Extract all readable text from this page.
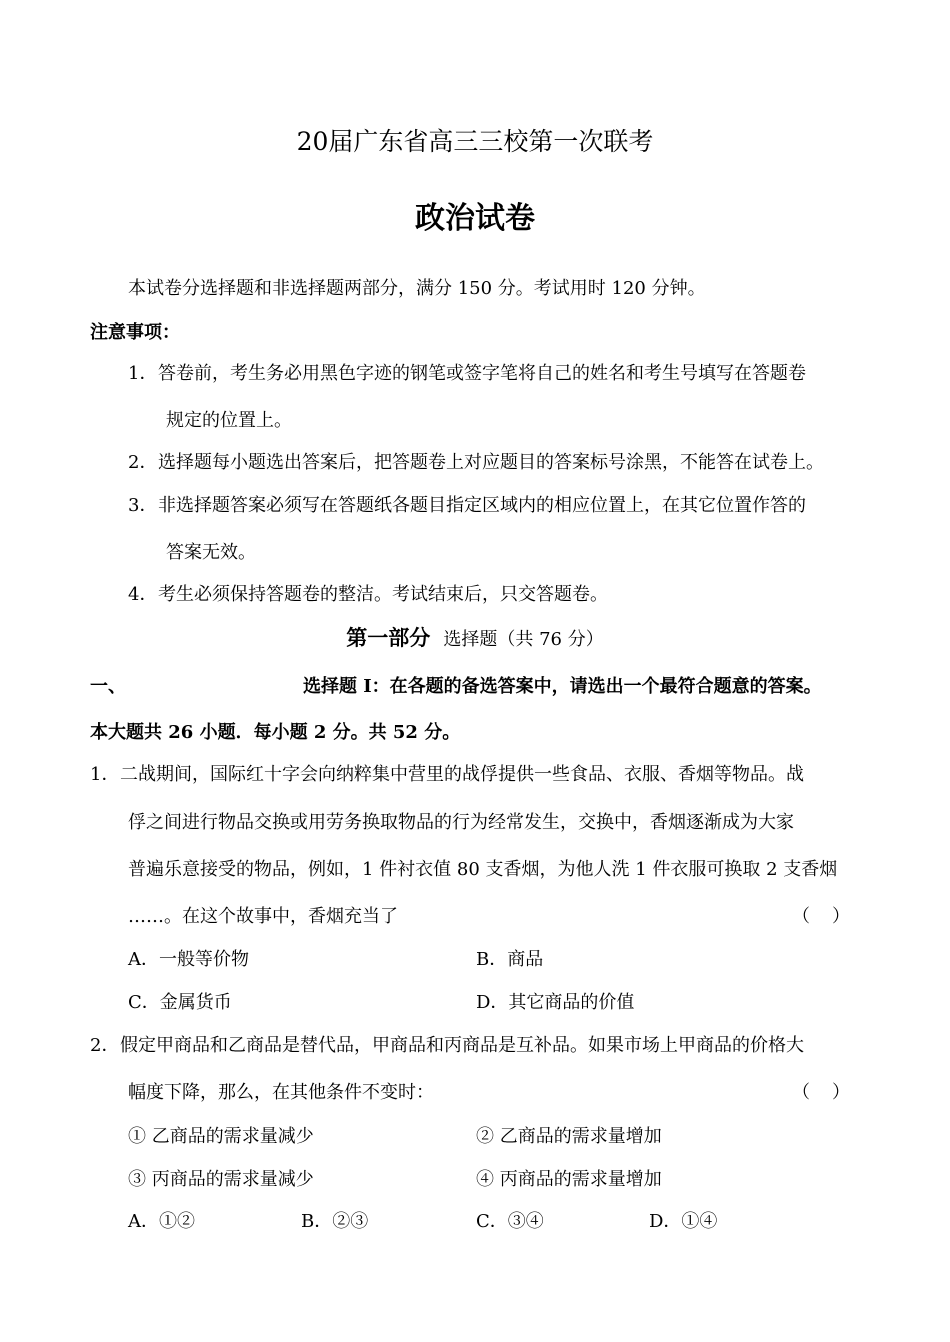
20届广东省高三三校第一次联考
政治试卷
本试卷分选择题和非选择题两部分，满分 150 分。考试用时 120 分钟。
注意事项：
1． 答卷前，考生务必用黑色字迹的钢笔或签字笔将自己的姓名和考生号填写在答题卷
规定的位置上。
2． 选择题每小题选出答案后，把答题卷上对应题目的答案标号涂黑，不能答在试卷上。
3． 非选择题答案必须写在答题纸各题目指定区域内的相应位置上，在其它位置作答的
答案无效。
4． 考生必须保持答题卷的整洁。考试结束后，只交答题卷。
第一部分 选择题（共 76 分）
一、	选择题 I：在各题的备选答案中，请选出一个最符合题意的答案。
本大题共 26 小题．每小题 2 分。共 52 分。
1． 二战期间，国际红十字会向纳粹集中营里的战俘提供一些食品、衣服、香烟等物品。战
俘之间进行物品交换或用劳务换取物品的行为经常发生，交换中，香烟逐渐成为大家
普遍乐意接受的物品，例如，1 件衬衣值 80 支香烟，为他人洗 1 件衣服可换取 2 支香烟
……。在这个故事中，香烟充当了	（　）
A．一般等价物	B．商品
C．金属货币	D．其它商品的价值
2． 假定甲商品和乙商品是替代品，甲商品和丙商品是互补品。如果市场上甲商品的价格大
幅度下降，那么，在其他条件不变时：	（　）
① 乙商品的需求量减少	② 乙商品的需求量增加
③ 丙商品的需求量减少	④ 丙商品的需求量增加
A．①②	B．②③	C．③④	D．①④
